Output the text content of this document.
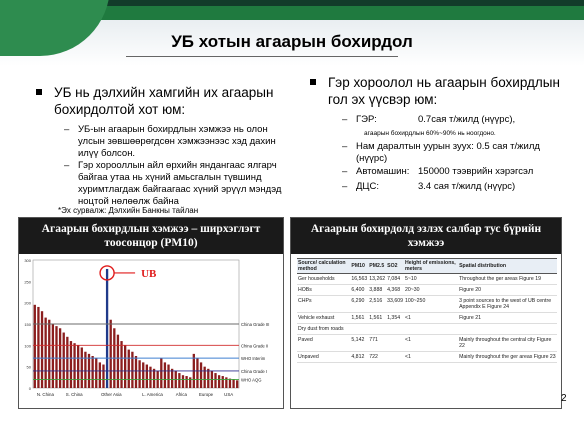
УБ хотын агаарын бохирдол
УБ нь дэлхийн хамгийн их агаарын бохирдолтой хот юм:
– УБ-ын агаарын бохирдлын хэмжээ нь олон улсын зөвшөөрөгдсөн хэмжээнээс хэд дахин илүү болсон.
– Гэр хорооллын айл өрхийн яндангаас ялгарч байгаа утаа нь хүний амьсгалын түвшинд хуримтлагдаж байгаагаас хүний эрүүл мэндэд ноцтой нөлөөлж байна
*Эх сурвалж: Дэлхийн Банкны тайлан
Гэр хороолол нь агаарын бохирдлын гол эх үүсвэр юм:
– ГЭР:	0.7сая т/жилд (нүүрс),
агаарын бохирдлын 60%~90% нь ноогдоно.
– Нам даралтын уурын зуух: 0.5 сая т/жилд (нүүрс)
– Автомашин: 150000 тээврийн хэрэгсэл
– ДЦС:	3.4 сая т/жилд (нүүрс)
Агаарын бохирдлын хэмжээ – ширхэглэгт тоосонцор (PM10)
0
50
100
150
200
250
300
China Grade III
China Grade II
WHO Interim
China Grade I
WHO AQG
UB
N. China	S. China	Other Asia	L. America	Africa	Europe	USA
Агаарын бохирдолд эзлэх салбар тус бүрийн хэмжээ
Source/ calculation method	PM10	PM2.5	SO2	Height of emissions, meters	Spatial distribution
Ger households	16,563	13,262	7,084	5~10	Throughout the ger areas Figure 19
HOBs	6,400	3,888	4,368	20~30	Figure 20
CHPs	6,290	2,516	33,609	100~250	3 point sources to the west of UB centre Appendix E Figure 24
Vehicle exhaust	1,561	1,561	1,354	<1	Figure 21
Dry dust from roads					
Paved	5,142	771		<1	Mainly throughout the central city Figure 22
Unpaved	4,812	722		<1	Mainly throughout the ger areas Figure 23
2
